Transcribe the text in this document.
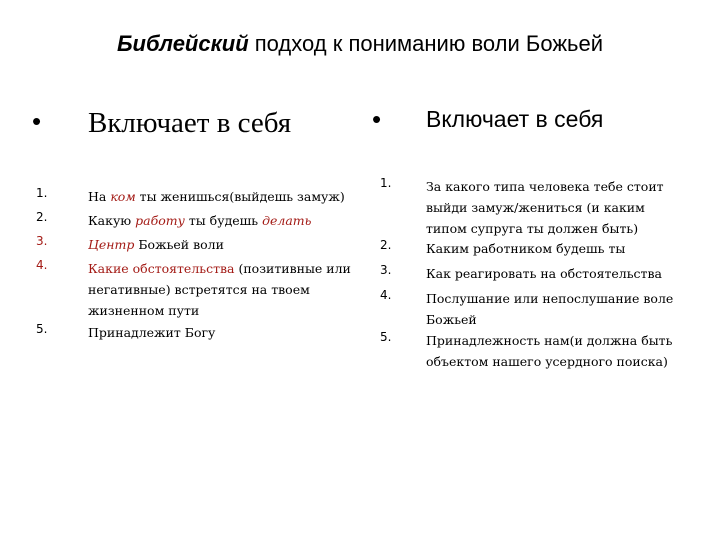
Библейский подход к пониманию воли Божьей
• Включает в себя
1.	На ком ты женишься(выйдешь замуж)
2.	Какую работу ты будешь делать
3.	Центр Божьей воли
4.	Какие обстоятельства (позитивные или негативные) встретятся на твоем жизненном пути
5.	Принадлежит Богу
• Включает в себя
1.	За какого типа человека тебе стоит выйди замуж/жениться (и каким типом супруга ты должен быть)
2.	Каким работником будешь ты
3.	Как реагировать на обстоятельства
4.	Послушание или непослушание воле Божьей
5.	Принадлежность нам(и должна быть объектом нашего усердного поиска)
